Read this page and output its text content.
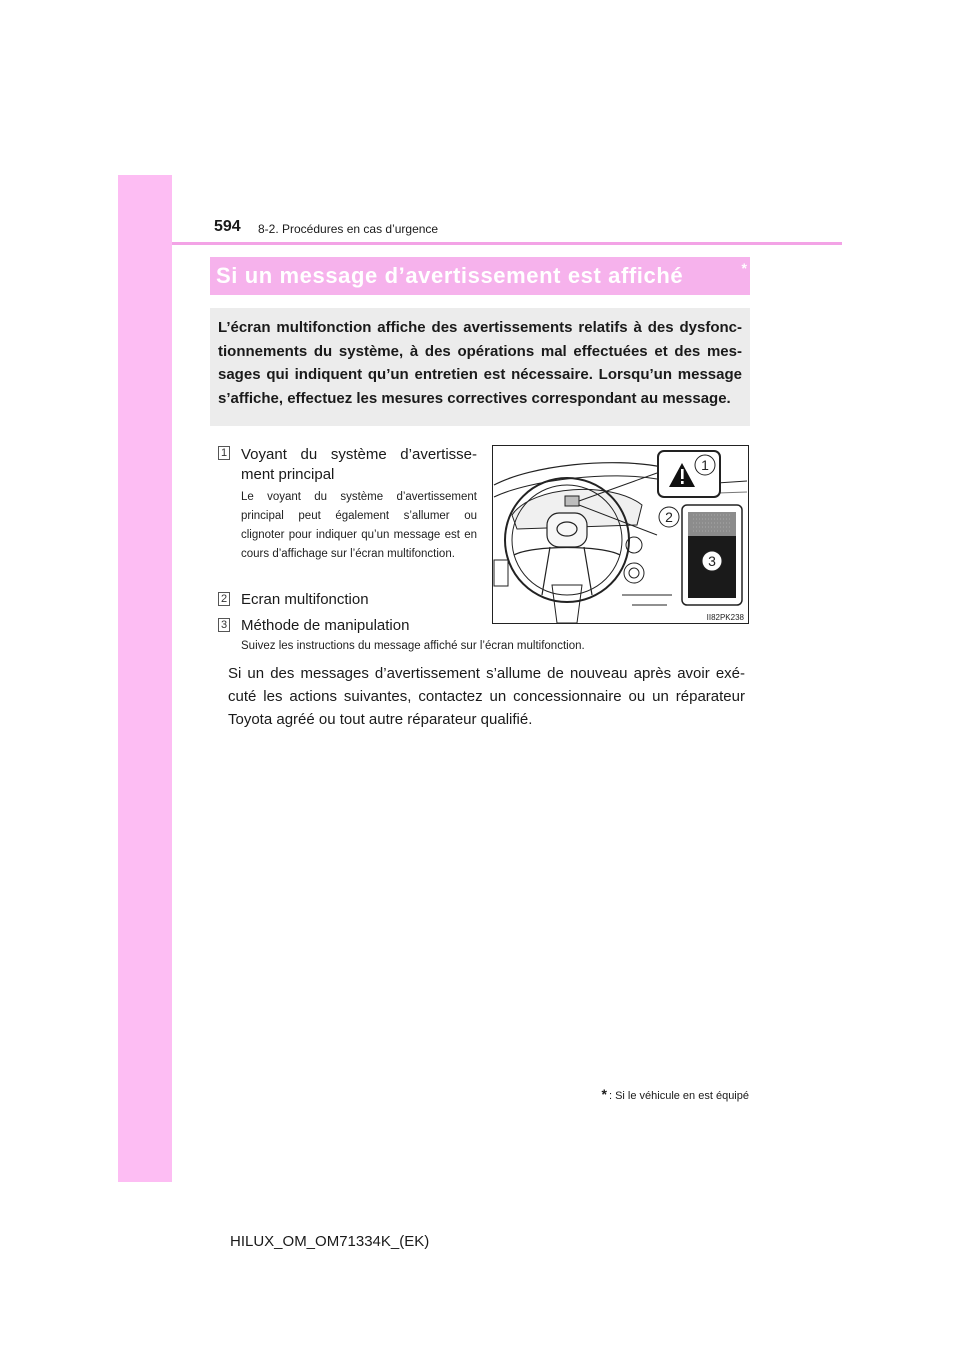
594 8-2. Procédures en cas d’urgence
Si un message d’avertissement est affiché	*
L’écran multifonction affiche des avertissements relatifs à des dysfonc-tionnements du système, à des opérations mal effectuées et des mes-sages qui indiquent qu’un entretien est nécessaire. Lorsqu’un message s’affiche, effectuez les mesures correctives correspondant au message.
1 Voyant du système d’avertisse-ment principal
Le voyant du système d’avertissement principal peut également s’allumer ou clignoter pour indiquer qu’un message est en cours d’affichage sur l’écran multifonction.
2 Ecran multifonction
3 Méthode de manipulation
Suivez les instructions du message affiché sur l’écran multifonction.
Si un des messages d’avertissement s’allume de nouveau après avoir exé-cuté les actions suivantes, contactez un concessionnaire ou un réparateur Toyota agréé ou tout autre réparateur qualifié.
1
2
3
II82PK238
* : Si le véhicule en est équipé
HILUX_OM_OM71334K_(EK)
